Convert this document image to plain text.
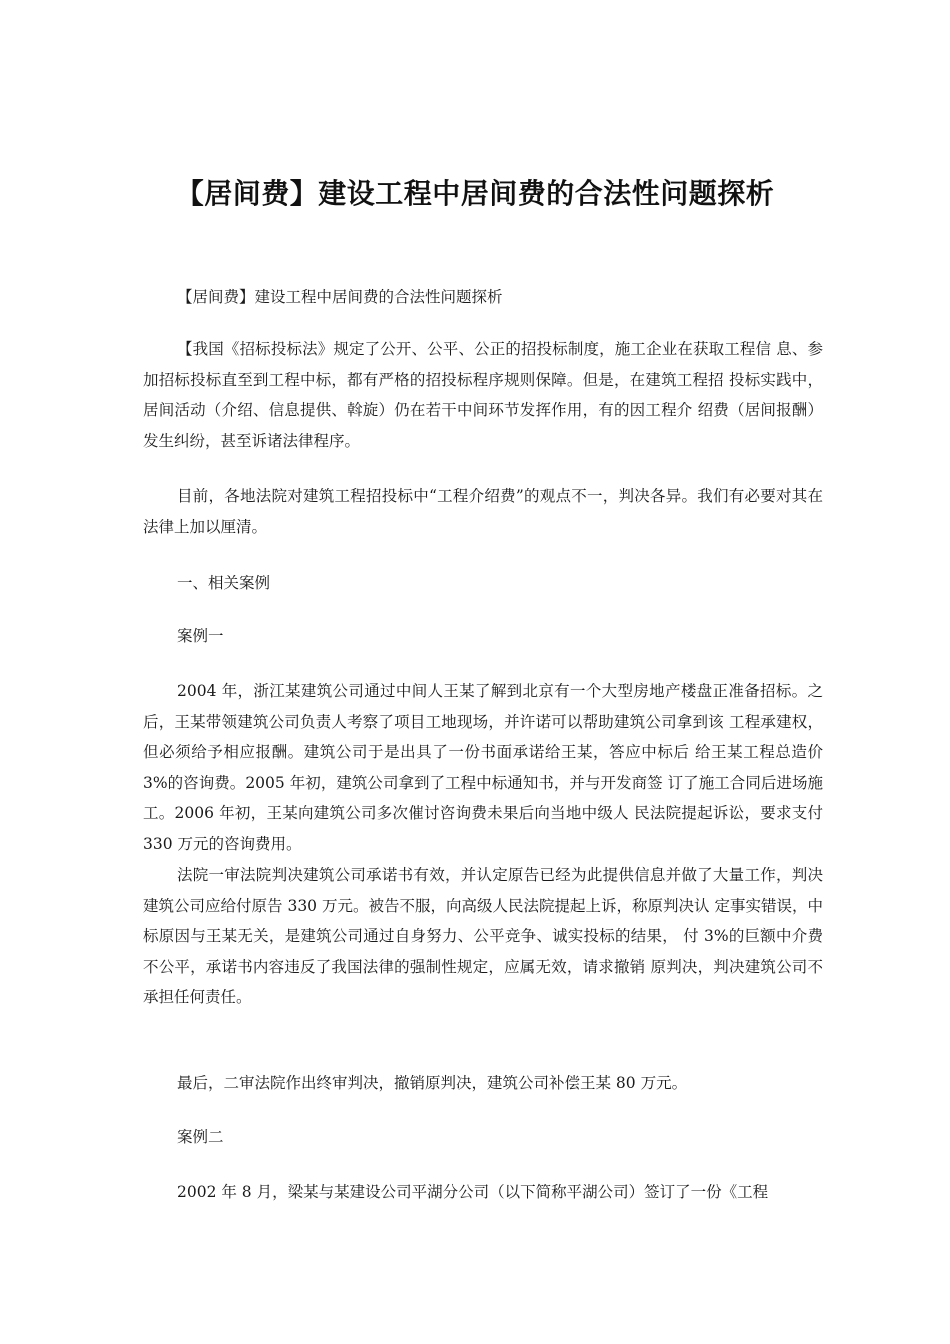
【居间费】建设工程中居间费的合法性问题探析

【居间费】建设工程中居间费的合法性问题探析

【我国《招标投标法》规定了公开、公平、公正的招投标制度，施工企业在获取工程信 息、参加招标投标直至到工程中标，都有严格的招投标程序规则保障。但是，在建筑工程招 投标实践中，居间活动（介绍、信息提供、斡旋）仍在若干中间环节发挥作用，有的因工程介 绍费（居间报酬）发生纠纷，甚至诉诸法律程序。

目前，各地法院对建筑工程招投标中“工程介绍费”的观点不一，判决各异。我们有必要对其在法律上加以厘清。

一、相关案例

案例一

2004 年，浙江某建筑公司通过中间人王某了解到北京有一个大型房地产楼盘正准备招标。之后，王某带领建筑公司负责人考察了项目工地现场，并许诺可以帮助建筑公司拿到该 工程承建权，但必须给予相应报酬。建筑公司于是出具了一份书面承诺给王某，答应中标后 给王某工程总造价 3%的咨询费。2005 年初，建筑公司拿到了工程中标通知书，并与开发商签 订了施工合同后进场施工。2006 年初，王某向建筑公司多次催讨咨询费未果后向当地中级人 民法院提起诉讼，要求支付 330 万元的咨询费用。

法院一审法院判决建筑公司承诺书有效，并认定原告已经为此提供信息并做了大量工作，判决建筑公司应给付原告 330 万元。被告不服，向高级人民法院提起上诉，称原判决认 定事实错误，中标原因与王某无关，是建筑公司通过自身努力、公平竞争、诚实投标的结果， 付 3%的巨额中介费不公平，承诺书内容违反了我国法律的强制性规定，应属无效，请求撤销 原判决，判决建筑公司不承担任何责任。

最后，二审法院作出终审判决，撤销原判决，建筑公司补偿王某 80 万元。

案例二

2002 年 8 月，梁某与某建设公司平湖分公司（以下简称平湖公司）签订了一份《工程
